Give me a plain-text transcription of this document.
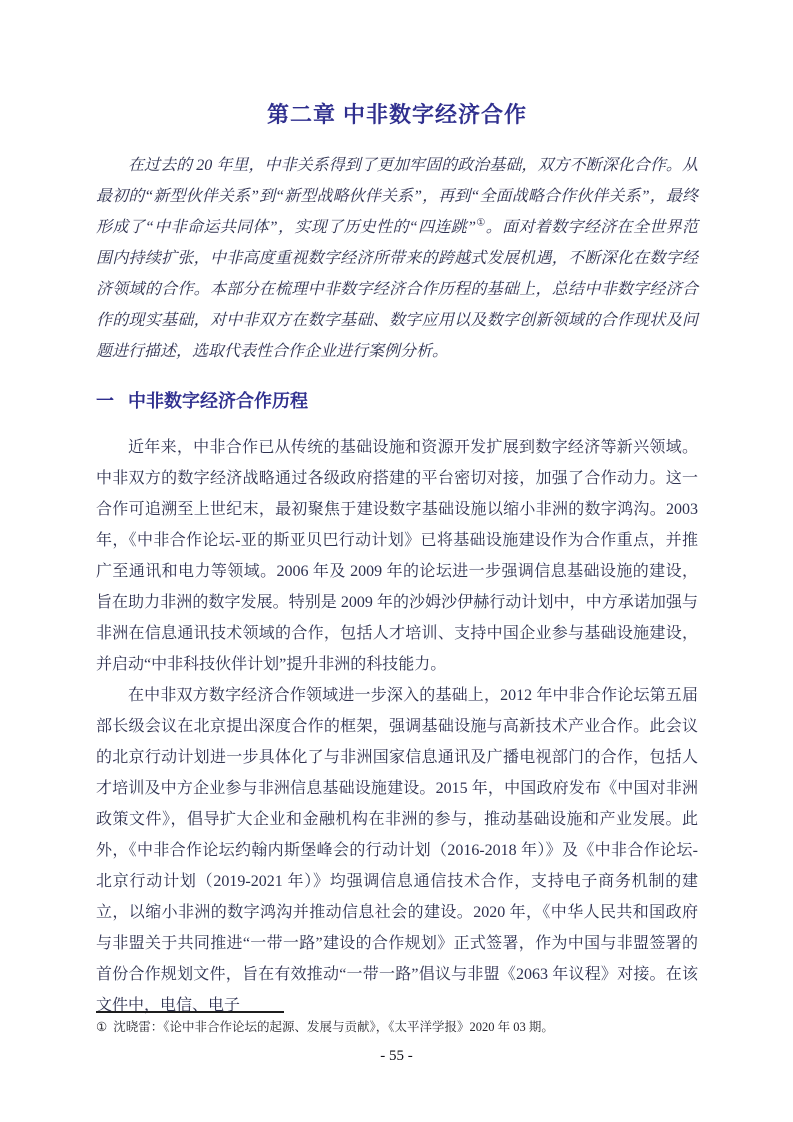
第二章 中非数字经济合作

在过去的 20 年里，中非关系得到了更加牢固的政治基础，双方不断深化合作。从最初的“新型伙伴关系”到“新型战略伙伴关系”，再到“全面战略合作伙伴关系”，最终形成了“中非命运共同体”，实现了历史性的“四连跳”①。面对着数字经济在全世界范围内持续扩张，中非高度重视数字经济所带来的跨越式发展机遇，不断深化在数字经济领域的合作。本部分在梳理中非数字经济合作历程的基础上，总结中非数字经济合作的现实基础，对中非双方在数字基础、数字应用以及数字创新领域的合作现状及问题进行描述，选取代表性合作企业进行案例分析。

一 中非数字经济合作历程

近年来，中非合作已从传统的基础设施和资源开发扩展到数字经济等新兴领域。中非双方的数字经济战略通过各级政府搭建的平台密切对接，加强了合作动力。这一合作可追溯至上世纪末，最初聚焦于建设数字基础设施以缩小非洲的数字鸿沟。2003 年，《中非合作论坛-亚的斯亚贝巴行动计划》已将基础设施建设作为合作重点，并推广至通讯和电力等领域。2006 年及 2009 年的论坛进一步强调信息基础设施的建设，旨在助力非洲的数字发展。特别是 2009 年的沙姆沙伊赫行动计划中，中方承诺加强与非洲在信息通讯技术领域的合作，包括人才培训、支持中国企业参与基础设施建设，并启动“中非科技伙伴计划”提升非洲的科技能力。

在中非双方数字经济合作领域进一步深入的基础上，2012 年中非合作论坛第五届部长级会议在北京提出深度合作的框架，强调基础设施与高新技术产业合作。此会议的北京行动计划进一步具体化了与非洲国家信息通讯及广播电视部门的合作，包括人才培训及中方企业参与非洲信息基础设施建设。2015 年，中国政府发布《中国对非洲政策文件》，倡导扩大企业和金融机构在非洲的参与，推动基础设施和产业发展。此外，《中非合作论坛约翰内斯堡峰会的行动计划（2016-2018 年）》及《中非合作论坛-北京行动计划（2019-2021 年）》均强调信息通信技术合作，支持电子商务机制的建立，以缩小非洲的数字鸿沟并推动信息社会的建设。2020 年，《中华人民共和国政府与非盟关于共同推进“一带一路”建设的合作规划》正式签署，作为中国与非盟签署的首份合作规划文件，旨在有效推动“一带一路”倡议与非盟《2063 年议程》对接。在该文件中，电信、电子

① 沈晓雷：《论中非合作论坛的起源、发展与贡献》，《太平洋学报》2020 年 03 期。
- 55 -
